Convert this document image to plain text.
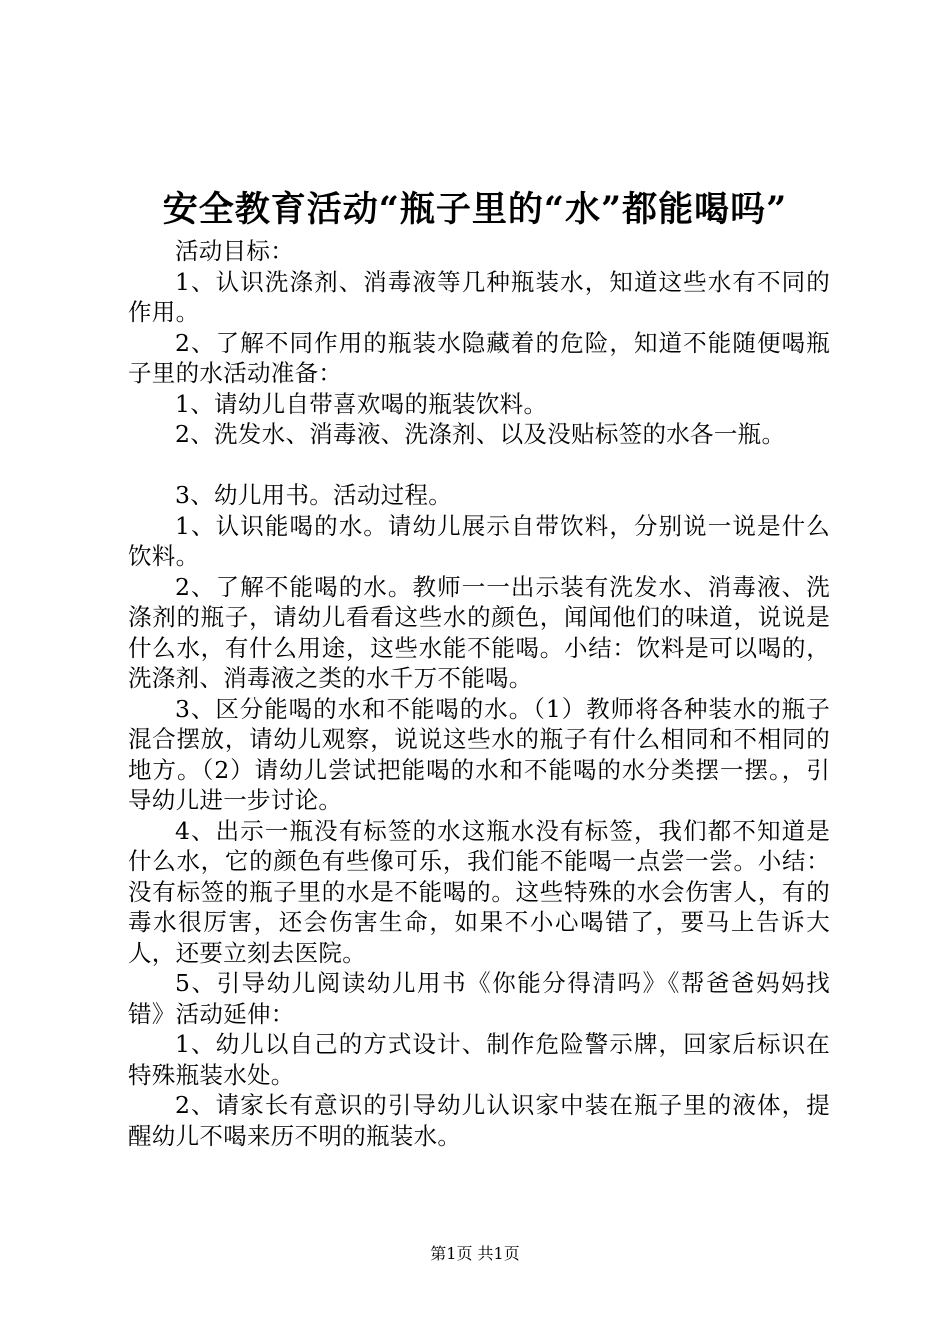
安全教育活动“瓶子里的“水”都能喝吗”

活动目标：

1、认识洗涤剂、消毒液等几种瓶装水，知道这些水有不同的作用。

2、了解不同作用的瓶装水隐藏着的危险，知道不能随便喝瓶子里的水活动准备：

1、请幼儿自带喜欢喝的瓶装饮料。

2、洗发水、消毒液、洗涤剂、以及没贴标签的水各一瓶。

3、幼儿用书。活动过程。

1、认识能喝的水。请幼儿展示自带饮料，分别说一说是什么饮料。

2、了解不能喝的水。教师一一出示装有洗发水、消毒液、洗涤剂的瓶子，请幼儿看看这些水的颜色，闻闻他们的味道，说说是什么水，有什么用途，这些水能不能喝。小结：饮料是可以喝的，洗涤剂、消毒液之类的水千万不能喝。

3、区分能喝的水和不能喝的水。（1）教师将各种装水的瓶子混合摆放，请幼儿观察，说说这些水的瓶子有什么相同和不相同的地方。（2）请幼儿尝试把能喝的水和不能喝的水分类摆一摆。，引导幼儿进一步讨论。

4、出示一瓶没有标签的水这瓶水没有标签，我们都不知道是什么水，它的颜色有些像可乐，我们能不能喝一点尝一尝。小结：没有标签的瓶子里的水是不能喝的。这些特殊的水会伤害人，有的毒水很厉害，还会伤害生命，如果不小心喝错了，要马上告诉大人，还要立刻去医院。

5、引导幼儿阅读幼儿用书《你能分得清吗》《帮爸爸妈妈找错》活动延伸：

1、幼儿以自己的方式设计、制作危险警示牌，回家后标识在特殊瓶装水处。

2、请家长有意识的引导幼儿认识家中装在瓶子里的液体，提醒幼儿不喝来历不明的瓶装水。

第1页 共1页
